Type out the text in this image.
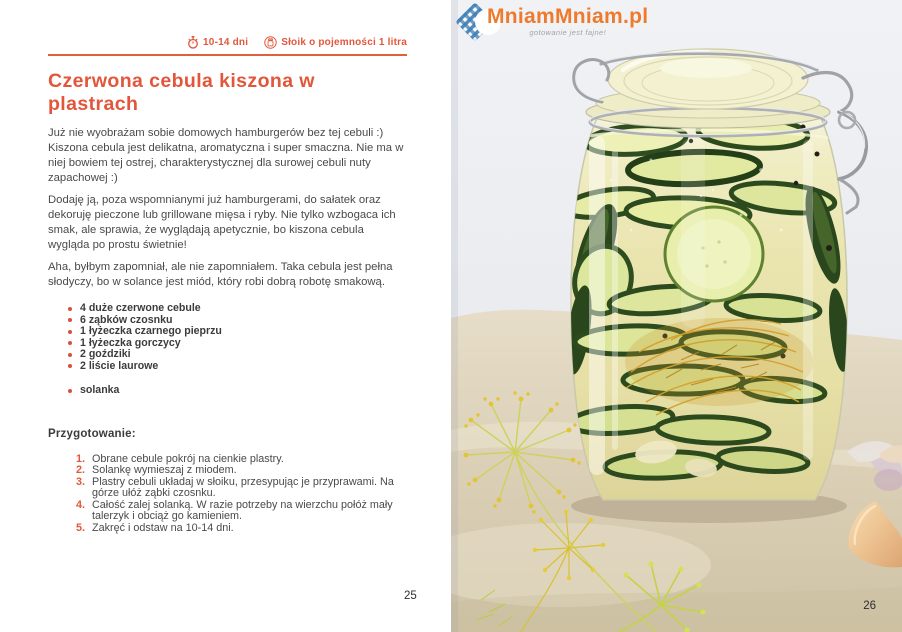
10-14 dni	Słoik o pojemności 1 litra
Czerwona cebula kiszona w plastrach

Już nie wyobrażam sobie domowych hamburgerów bez tej cebuli :) Kiszona cebula jest delikatna, aromatyczna i super smaczna. Nie ma w niej bowiem tej ostrej, charakterystycznej dla surowej cebuli nuty zapachowej :)

Dodaję ją, poza wspomnianymi już hamburgerami, do sałatek oraz dekoruję pieczone lub grillowane mięsa i ryby. Nie tylko wzbogaca ich smak, ale sprawia, że wyglądają apetycznie, bo kiszona cebula wygląda po prostu świetnie!

Aha, byłbym zapomniał, ale nie zapomniałem. Taka cebula jest pełna słodyczy, bo w solance jest miód, który robi dobrą robotę smakową.

4 duże czerwone cebule
6 ząbków czosnku
1 łyżeczka czarnego pieprzu
1 łyżeczka gorczycy
2 goździki
2 liście laurowe
solanka
Przygotowanie:
Obrane cebule pokrój na cienkie plastry.
Solankę wymieszaj z miodem.
Plastry cebuli układaj w słoiku, przesypując je przyprawami. Na górze ułóż ząbki czosnku.
Całość zalej solanką. W razie potrzeby na wierzchu połóż mały talerzyk i obciąż go kamieniem.
Zakręć i odstaw na 10-14 dni.
25
MniamMniam.pl
gotowanie jest fajne!
26
